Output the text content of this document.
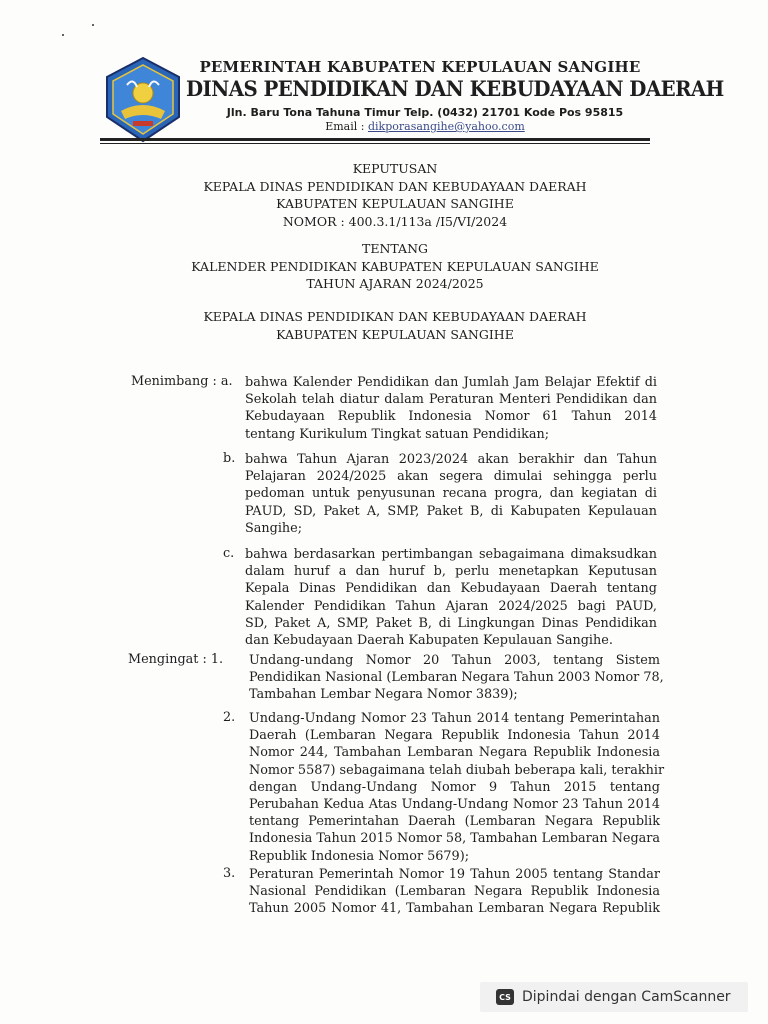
PEMERINTAH KABUPATEN KEPULAUAN SANGIHE
DINAS PENDIDIKAN DAN KEBUDAYAAN DAERAH
Jln. Baru Tona Tahuna Timur Telp. (0432) 21701 Kode Pos 95815
Email : dikporasangihe@yahoo.com
KEPUTUSAN
KEPALA DINAS PENDIDIKAN DAN KEBUDAYAAN DAERAH
KABUPATEN KEPULAUAN SANGIHE
NOMOR : 400.3.1/113a /I5/VI/2024
TENTANG
KALENDER PENDIDIKAN KABUPATEN KEPULAUAN SANGIHE
TAHUN AJARAN 2024/2025
KEPALA DINAS PENDIDIKAN DAN KEBUDAYAAN DAERAH
KABUPATEN KEPULAUAN SANGIHE
Menimbang : a. bahwa Kalender Pendidikan dan Jumlah Jam Belajar Efektif di
Sekolah telah diatur dalam Peraturan Menteri Pendidikan dan
Kebudayaan Republik Indonesia Nomor 61 Tahun 2014
tentang Kurikulum Tingkat satuan Pendidikan;
b. bahwa Tahun Ajaran 2023/2024 akan berakhir dan Tahun
Pelajaran 2024/2025 akan segera dimulai sehingga perlu
pedoman untuk penyusunan recana progra, dan kegiatan di
PAUD, SD, Paket A, SMP, Paket B, di Kabupaten Kepulauan
Sangihe;
c. bahwa berdasarkan pertimbangan sebagaimana dimaksudkan
dalam huruf a dan huruf b, perlu menetapkan Keputusan
Kepala Dinas Pendidikan dan Kebudayaan Daerah tentang
Kalender Pendidikan Tahun Ajaran 2024/2025 bagi PAUD,
SD, Paket A, SMP, Paket B, di Lingkungan Dinas Pendidikan
dan Kebudayaan Daerah Kabupaten Kepulauan Sangihe.
Mengingat : 1. Undang-undang Nomor 20 Tahun 2003, tentang Sistem
Pendidikan Nasional (Lembaran Negara Tahun 2003 Nomor 78,
Tambahan Lembar Negara Nomor 3839);
2. Undang-Undang Nomor 23 Tahun 2014 tentang Pemerintahan
Daerah (Lembaran Negara Republik Indonesia Tahun 2014
Nomor 244, Tambahan Lembaran Negara Republik Indonesia
Nomor 5587) sebagaimana telah diubah beberapa kali, terakhir
dengan Undang-Undang Nomor 9 Tahun 2015 tentang
Perubahan Kedua Atas Undang-Undang Nomor 23 Tahun 2014
tentang Pemerintahan Daerah (Lembaran Negara Republik
Indonesia Tahun 2015 Nomor 58, Tambahan Lembaran Negara
Republik Indonesia Nomor 5679);
3. Peraturan Pemerintah Nomor 19 Tahun 2005 tentang Standar
Nasional Pendidikan (Lembaran Negara Republik Indonesia
Tahun 2005 Nomor 41, Tambahan Lembaran Negara Republik
CS Dipindai dengan CamScanner
